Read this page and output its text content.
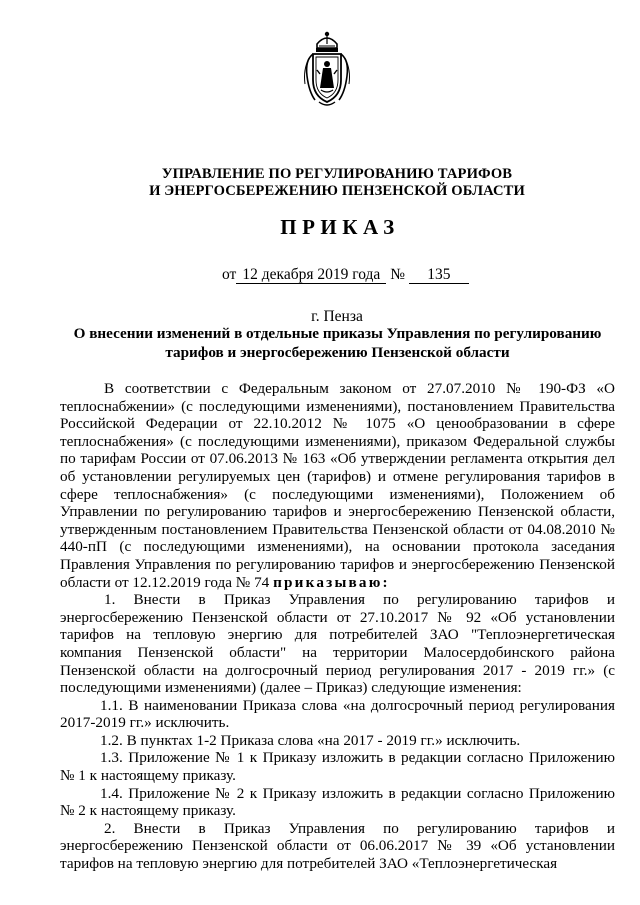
УПРАВЛЕНИЕ ПО РЕГУЛИРОВАНИЮ ТАРИФОВ
И ЭНЕРГОСБЕРЕЖЕНИЮ ПЕНЗЕНСКОЙ ОБЛАСТИ
ПРИКАЗ
от 12 декабря 2019 года № 135
г. Пенза
О внесении изменений в отдельные приказы Управления по регулированию тарифов и энергосбережению Пензенской области

В соответствии с Федеральным законом от 27.07.2010 № 190-ФЗ «О теплоснабжении» (с последующими изменениями), постановлением Правительства Российской Федерации от 22.10.2012 № 1075 «О ценообразовании в сфере теплоснабжения» (с последующими изменениями), приказом Федеральной службы по тарифам России от 07.06.2013 № 163 «Об утверждении регламента открытия дел об установлении регулируемых цен (тарифов) и отмене регулирования тарифов в сфере теплоснабжения» (с последующими изменениями), Положением об Управлении по регулированию тарифов и энергосбережению Пензенской области, утвержденным постановлением Правительства Пензенской области от 04.08.2010 № 440-пП (с последующими изменениями), на основании протокола заседания Правления Управления по регулированию тарифов и энергосбережению Пензенской области от 12.12.2019 года № 74 приказываю:

1. Внести в Приказ Управления по регулированию тарифов и энергосбережению Пензенской области от 27.10.2017 № 92 «Об установлении тарифов на тепловую энергию для потребителей ЗАО "Теплоэнергетическая компания Пензенской области" на территории Малосердобинского района Пензенской области на долгосрочный период регулирования 2017 - 2019 гг.» (с последующими изменениями) (далее – Приказ) следующие изменения:

1.1. В наименовании Приказа слова «на долгосрочный период регулирования 2017-2019 гг.» исключить.

1.2. В пунктах 1-2 Приказа слова «на 2017 - 2019 гг.» исключить.

1.3. Приложение № 1 к Приказу изложить в редакции согласно Приложению № 1 к настоящему приказу.

1.4. Приложение № 2 к Приказу изложить в редакции согласно Приложению № 2 к настоящему приказу.

2. Внести в Приказ Управления по регулированию тарифов и энергосбережению Пензенской области от 06.06.2017 № 39 «Об установлении тарифов на тепловую энергию для потребителей ЗАО «Теплоэнергетическая
